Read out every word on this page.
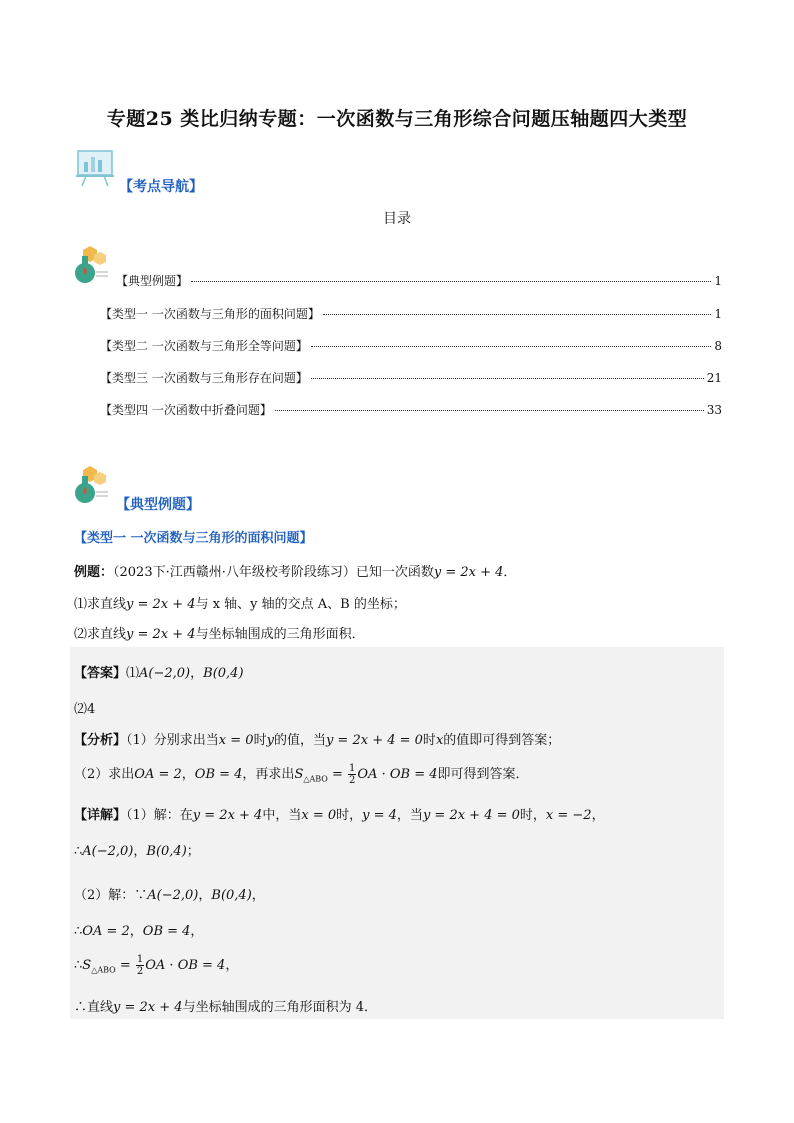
专题25 类比归纳专题：一次函数与三角形综合问题压轴题四大类型
【考点导航】
目录
【典型例题】	1
【类型一 一次函数与三角形的面积问题】	1
【类型二 一次函数与三角形全等问题】	8
【类型三 一次函数与三角形存在问题】	21
【类型四 一次函数中折叠问题】	33
【典型例题】
【类型一 一次函数与三角形的面积问题】
例题：（2023下·江西赣州·八年级校考阶段练习）已知一次函数y = 2x + 4．
⑴求直线y = 2x + 4与 x 轴、y 轴的交点 A、B 的坐标；
⑵求直线y = 2x + 4与坐标轴围成的三角形面积．
【答案】⑴A(−2,0)，B(0,4)
⑵4
【分析】（1）分别求出当x = 0时y的值，当y = 2x + 4 = 0时x的值即可得到答案；
（2）求出OA = 2，OB = 4，再求出$S_{\triangle ABO} = \frac{1}{2}$ OA · OB = 4即可得到答案．
【详解】（1）解：在y = 2x + 4中，当x = 0时，y = 4，当y = 2x + 4 = 0时，x = −2，
∴A(−2,0)，B(0,4)；
（2）解：∵A(−2,0)，B(0,4)，
∴OA = 2，OB = 4，
$\therefore S_{\triangle ABO} = \frac{1}{2}$ OA · OB = 4，
∴直线y = 2x + 4与坐标轴围成的三角形面积为 4．
